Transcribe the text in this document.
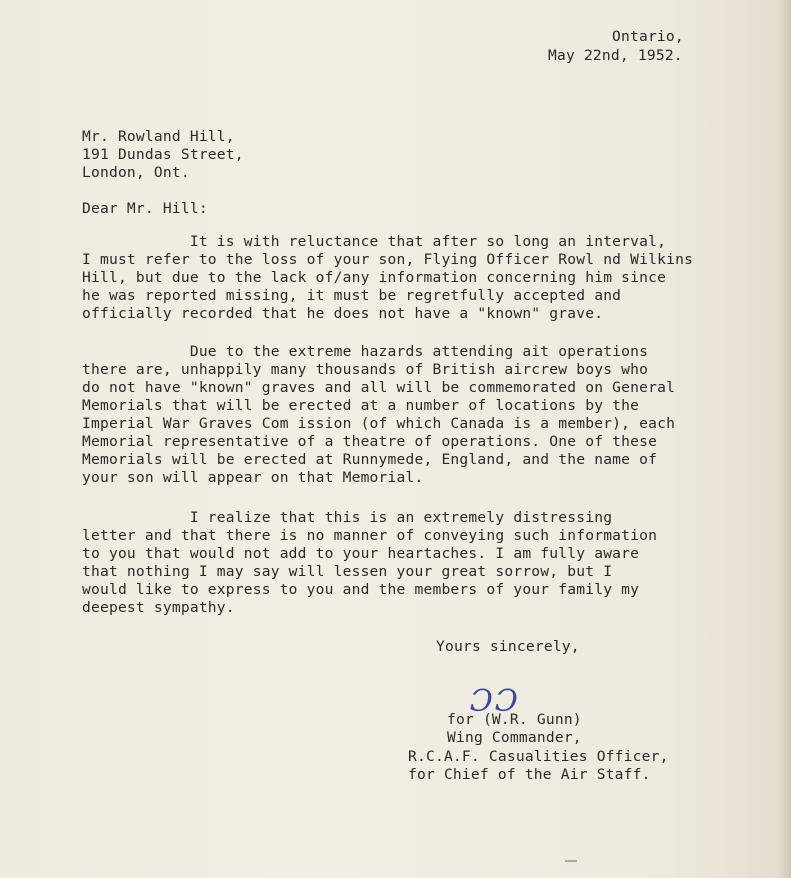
Ontario,
May 22nd, 1952.
Mr. Rowland Hill,
191 Dundas Street,
London, Ont.
Dear Mr. Hill:
It is with reluctance that after so long an interval,
I must refer to the loss of your son, Flying Officer Rowl nd Wilkins
Hill, but due to the lack of/any information concerning him since
he was reported missing, it must be regretfully accepted and
officially recorded that he does not have a "known" grave.
Due to the extreme hazards attending ait operations
there are, unhappily many thousands of British aircrew boys who
do not have "known" graves and all will be commemorated on General
Memorials that will be erected at a number of locations by the
Imperial War Graves Com ission (of which Canada is a member), each
Memorial representative of a theatre of operations. One of these
Memorials will be erected at Runnymede, England, and the name of
your son will appear on that Memorial.
I realize that this is an extremely distressing
letter and that there is no manner of conveying such information
to you that would not add to your heartaches. I am fully aware
that nothing I may say will lessen your great sorrow, but I
would like to express to you and the members of your family my
deepest sympathy.
Yours sincerely,
ƆƆ
for (W.R. Gunn)
Wing Commander,
R.C.A.F. Casualities Officer,
for Chief of the Air Staff.
